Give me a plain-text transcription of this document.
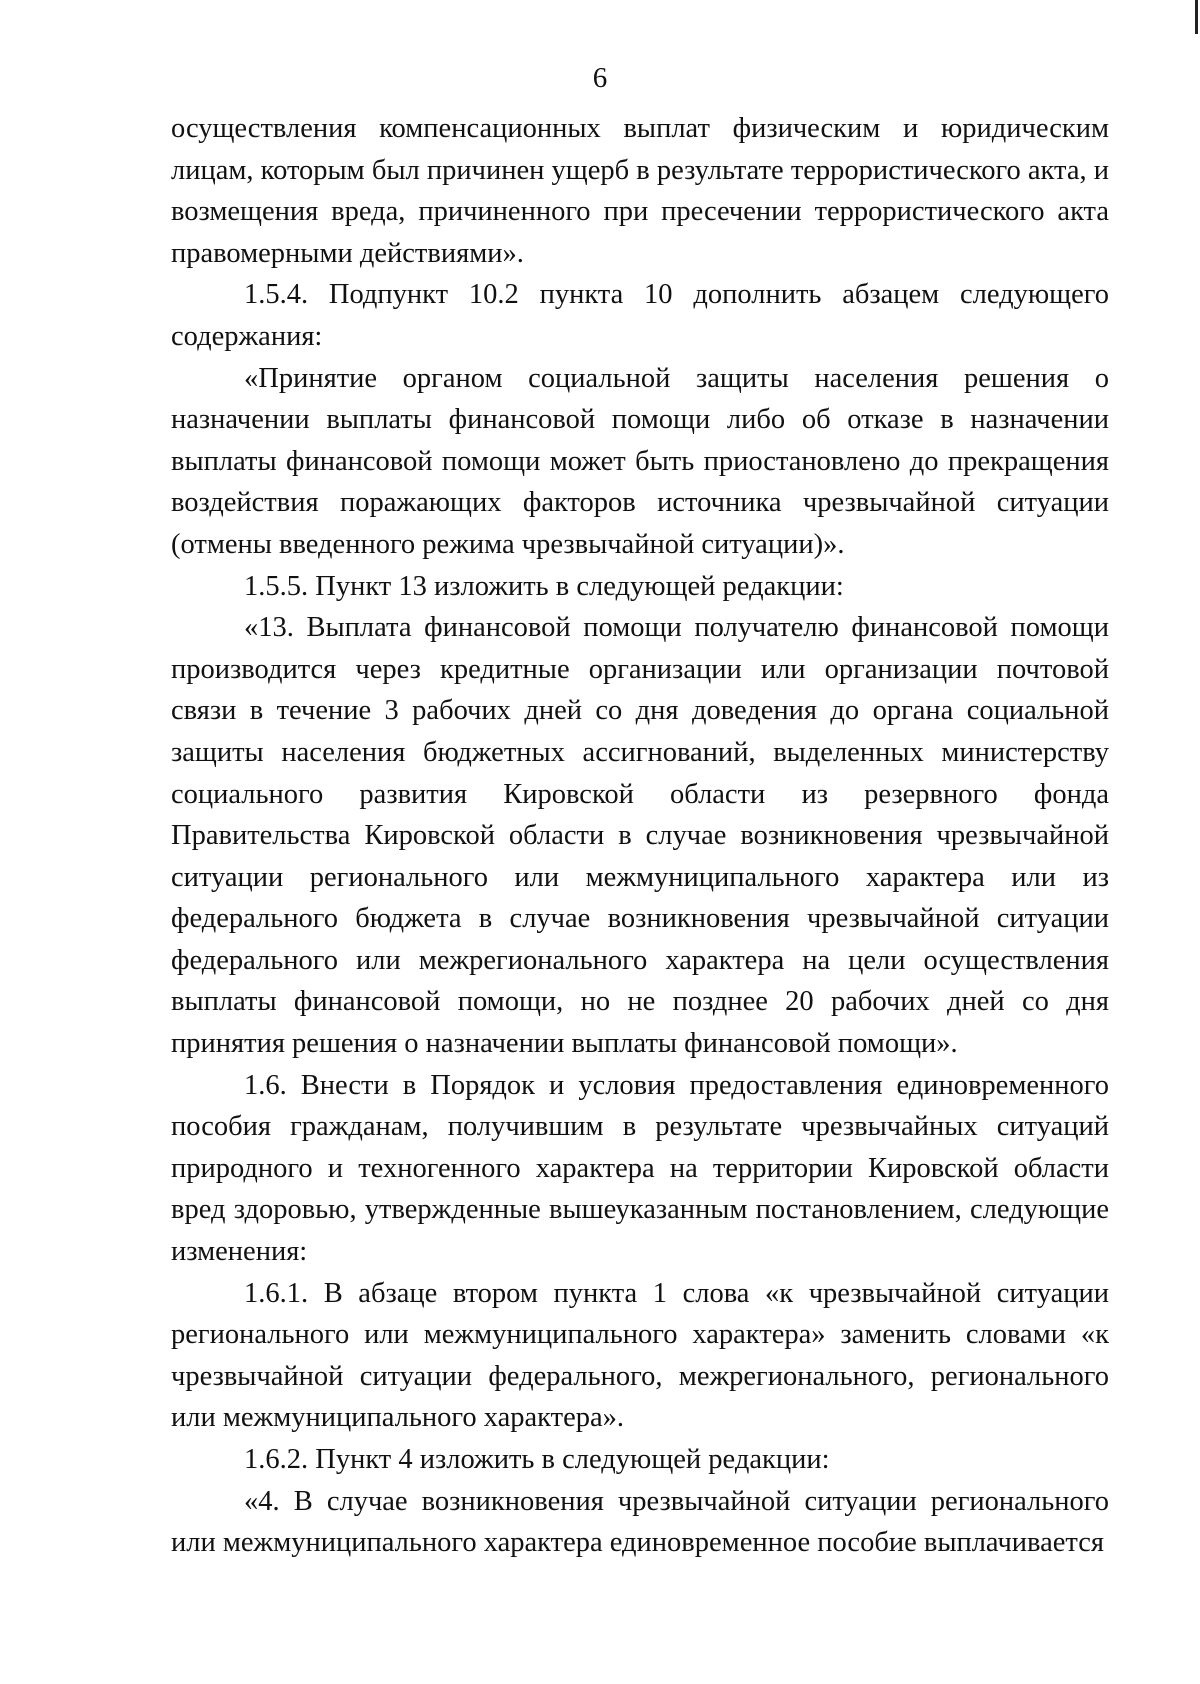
6

осуществления компенсационных выплат физическим и юридическим лицам, которым был причинен ущерб в результате террористического акта, и возмещения вреда, причиненного при пресечении террористического акта правомерными действиями».

1.5.4. Подпункт 10.2 пункта 10 дополнить абзацем следующего содержания:

«Принятие органом социальной защиты населения решения о назначении выплаты финансовой помощи либо об отказе в назначении выплаты финансовой помощи может быть приостановлено до прекращения воздействия поражающих факторов источника чрезвычайной ситуации (отмены введенного режима чрезвычайной ситуации)».

1.5.5. Пункт 13 изложить в следующей редакции:

«13. Выплата финансовой помощи получателю финансовой помощи производится через кредитные организации или организации почтовой связи в течение 3 рабочих дней со дня доведения до органа социальной защиты населения бюджетных ассигнований, выделенных министерству социального развития Кировской области из резервного фонда Правительства Кировской области в случае возникновения чрезвычайной ситуации регионального или межмуниципального характера или из федерального бюджета в случае возникновения чрезвычайной ситуации федерального или межрегионального характера на цели осуществления выплаты финансовой помощи, но не позднее 20 рабочих дней со дня принятия решения о назначении выплаты финансовой помощи».

1.6. Внести в Порядок и условия предоставления единовременного пособия гражданам, получившим в результате чрезвычайных ситуаций природного и техногенного характера на территории Кировской области вред здоровью, утвержденные вышеуказанным постановлением, следующие изменения:

1.6.1. В абзаце втором пункта 1 слова «к чрезвычайной ситуации регионального или межмуниципального характера» заменить словами «к чрезвычайной ситуации федерального, межрегионального, регионального или межмуниципального характера».

1.6.2. Пункт 4 изложить в следующей редакции:

«4. В случае возникновения чрезвычайной ситуации регионального или межмуниципального характера единовременное пособие выплачивается
